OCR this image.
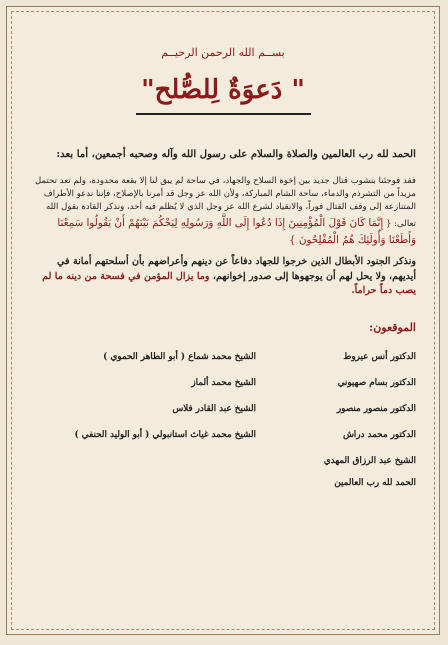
بســم الله الرحمن الرحيــم
" دَعوَةٌ لِلصُّلح"

الحمد لله رب العالمين والصلاة والسلام على رسول الله وآله وصحبه أجمعين، أما بعد:

فقد فوجئنا بنشوب قتال جديد بين إخوة السلاح والجهاد، في ساحة لم يبق لنا إلا بقعة محدودة، ولم تعد تحتمل مزيداً من التشرذم والدماء، ساحة الشام المباركة، ولأن الله عز وجل قد أمرنا بالإصلاح، فإننا ندعو الأطراف المتنازعة إلى وقف القتال فوراً، والانقياد لشرع الله عز وجل الذي لا يُظلم فيه أحد، ونذكر القادة بقول الله تعالى: { إِنَّمَا كَانَ قَوْلَ الْمُؤْمِنِينَ إِذَا دُعُوا إِلَى اللَّهِ وَرَسُولِهِ لِيَحْكُمَ بَيْنَهُمْ أَنْ يَقُولُوا سَمِعْنَا وَأَطَعْنَا وَأُولَئِكَ هُمُ الْمُفْلِحُونَ }

ونذكر الجنود الأبطال الذين خرجوا للجهاد دفاعاً عن دينهم وأعراضهم بأن أسلحتهم أمانة في أيديهم، ولا يحل لهم أن يوجهوها إلى صدور إخوانهم، وما يزال المؤمن في فسحة من دينه ما لم يصب دماً حراماً.

الموقعون:
الدكتور أنس عيروط
الشيخ محمد شماع ( أبو الطاهر الحموي )
الدكتور بسام صهيوني
الشيخ محمد ألماز
الدكتور منصور منصور
الشيخ عبد القادر فلاس
الدكتور محمد دراش
الشيخ محمد غياث استانبولي ( أبو الوليد الحنفي )
الشيخ عبد الرزاق المهدي
الحمد لله رب العالمين
